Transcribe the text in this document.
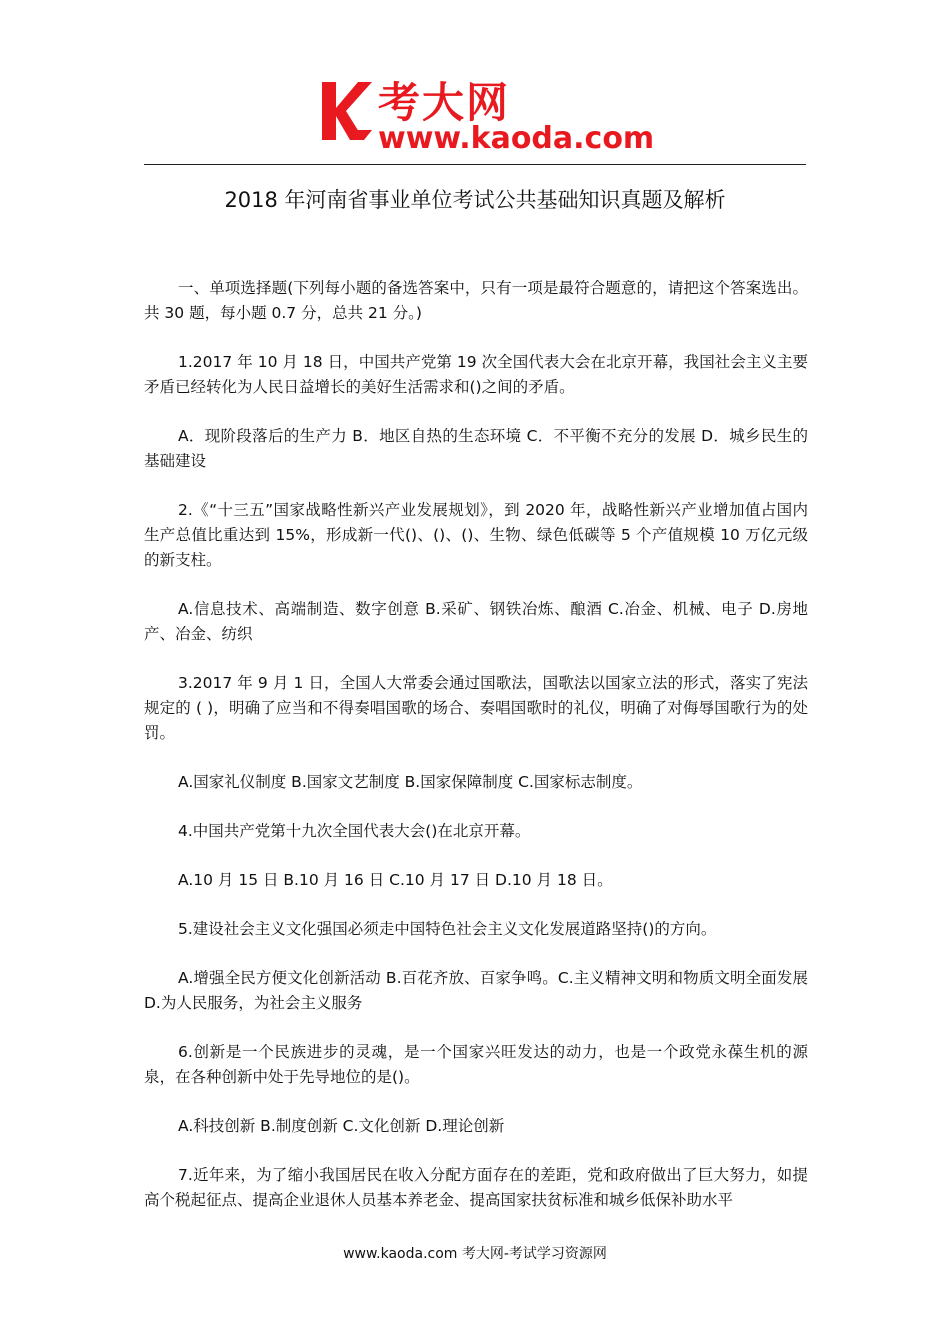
考大网
www.kaoda.com
2018 年河南省事业单位考试公共基础知识真题及解析

一、单项选择题(下列每小题的备选答案中，只有一项是最符合题意的，请把这个答案选出。共 30 题，每小题 0.7 分，总共 21 分。)

1.2017 年 10 月 18 日，中国共产党第 19 次全国代表大会在北京开幕，我国社会主义主要矛盾已经转化为人民日益增长的美好生活需求和()之间的矛盾。

A．现阶段落后的生产力 B．地区自热的生态环境 C．不平衡不充分的发展 D．城乡民生的基础建设

2.《“十三五”国家战略性新兴产业发展规划》，到 2020 年，战略性新兴产业增加值占国内生产总值比重达到 15%，形成新一代()、()、()、生物、绿色低碳等 5 个产值规模 10 万亿元级的新支柱。

A.信息技术、高端制造、数字创意 B.采矿、钢铁冶炼、酿酒 C.冶金、机械、电子 D.房地产、冶金、纺织

3.2017 年 9 月 1 日，全国人大常委会通过国歌法，国歌法以国家立法的形式，落实了宪法规定的 ( )，明确了应当和不得奏唱国歌的场合、奏唱国歌时的礼仪，明确了对侮辱国歌行为的处罚。

A.国家礼仪制度 B.国家文艺制度 B.国家保障制度 C.国家标志制度。

4.中国共产党第十九次全国代表大会()在北京开幕。

A.10 月 15 日 B.10 月 16 日 C.10 月 17 日 D.10 月 18 日。

5.建设社会主义文化强国必须走中国特色社会主义文化发展道路坚持()的方向。

A.增强全民方便文化创新活动 B.百花齐放、百家争鸣。C.主义精神文明和物质文明全面发展 D.为人民服务，为社会主义服务

6.创新是一个民族进步的灵魂，是一个国家兴旺发达的动力，也是一个政党永葆生机的源泉，在各种创新中处于先导地位的是()。

A.科技创新 B.制度创新 C.文化创新 D.理论创新

7.近年来，为了缩小我国居民在收入分配方面存在的差距，党和政府做出了巨大努力，如提高个税起征点、提高企业退休人员基本养老金、提高国家扶贫标准和城乡低保补助水平

www.kaoda.com 考大网-考试学习资源网
